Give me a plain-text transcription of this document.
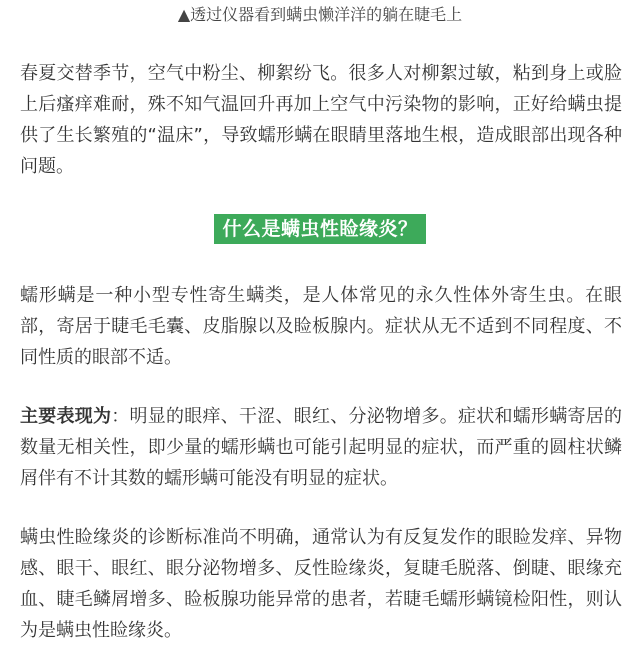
▲透过仪器看到螨虫懒洋洋的躺在睫毛上

春夏交替季节，空气中粉尘、柳絮纷飞。很多人对柳絮过敏，粘到身上或脸上后瘙痒难耐，殊不知气温回升再加上空气中污染物的影响，正好给螨虫提供了生长繁殖的“温床”，导致蠕形螨在眼睛里落地生根，造成眼部出现各种问题。

什么是螨虫性睑缘炎？

蠕形螨是一种小型专性寄生螨类，是人体常见的永久性体外寄生虫。在眼部，寄居于睫毛毛囊、皮脂腺以及睑板腺内。症状从无不适到不同程度、不同性质的眼部不适。

主要表现为：明显的眼痒、干涩、眼红、分泌物增多。症状和蠕形螨寄居的数量无相关性，即少量的蠕形螨也可能引起明显的症状，而严重的圆柱状鳞屑伴有不计其数的蠕形螨可能没有明显的症状。

螨虫性睑缘炎的诊断标准尚不明确，通常认为有反复发作的眼睑发痒、异物感、眼干、眼红、眼分泌物增多、反性睑缘炎，复睫毛脱落、倒睫、眼缘充血、睫毛鳞屑增多、睑板腺功能异常的患者，若睫毛蠕形螨镜检阳性，则认为是螨虫性睑缘炎。
